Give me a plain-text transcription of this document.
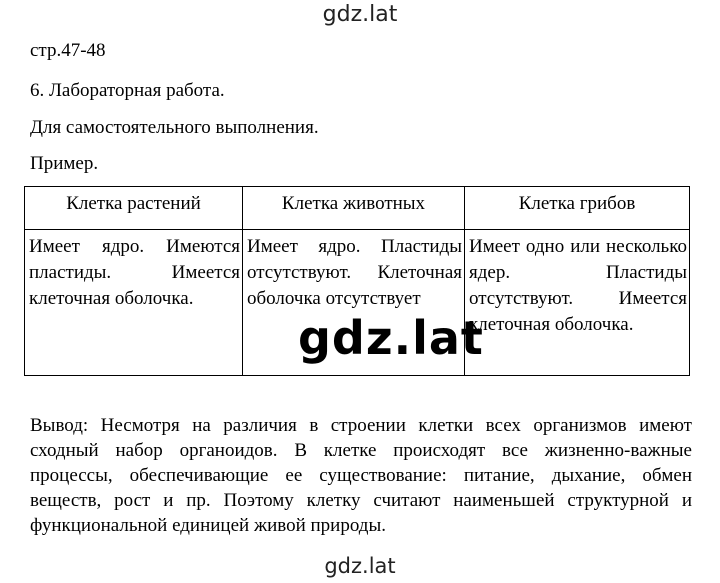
gdz.lat
стр.47-48
6. Лабораторная работа.
Для самостоятельного выполнения.
Пример.
Клетка растений	Клетка животных	Клетка грибов
Имеет ядро. Имеются пластиды. Имеется клеточная оболочка.	Имеет ядро. Пластиды отсутствуют. Клеточная оболочка отсутствует	Имеет одно или несколько ядер. Пластиды отсутствуют. Имеется клеточная оболочка.
gdz.lat
Вывод: Несмотря на различия в строении клетки всех организмов имеют сходный набор органоидов. В клетке происходят все жизненно-важные процессы, обеспечивающие ее существование: питание, дыхание, обмен веществ, рост и пр. Поэтому клетку считают наименьшей структурной и функциональной единицей живой природы.
gdz.lat
